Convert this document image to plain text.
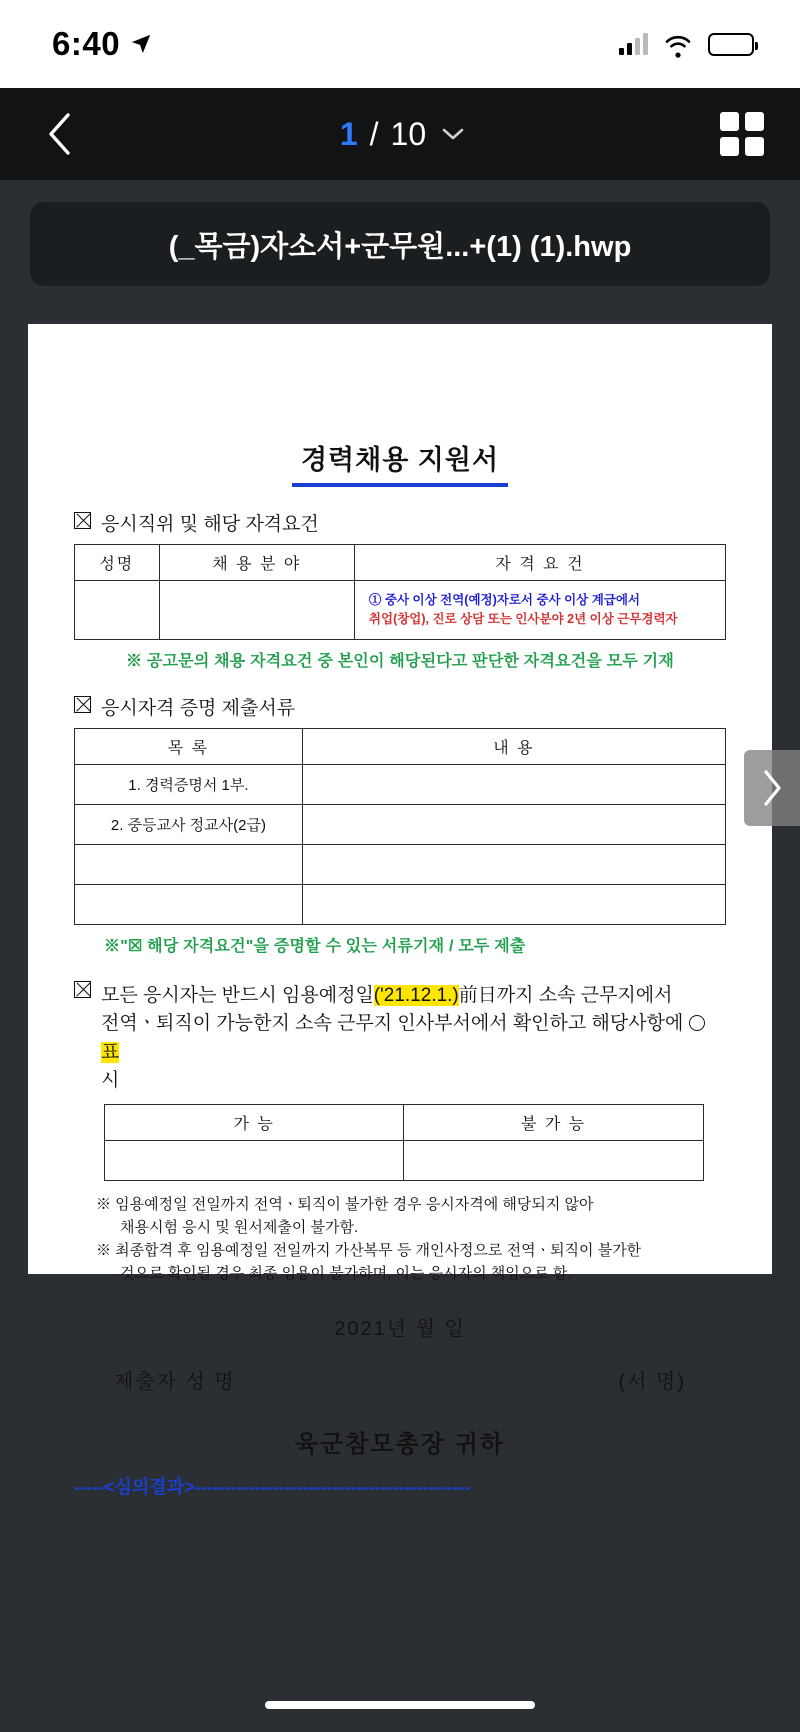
6:40
1 / 10
(_목금)자소서+군무원...+(1) (1).hwp
경력채용 지원서
응시직위 및 해당 자격요건
성명	채 용 분 야	자 격 요 건

		① 중사 이상 전역(예정)자로서 중사 이상 계급에서
취업(창업), 진로 상담 또는 인사분야 2년 이상 근무경력자
※ 공고문의 채용 자격요건 중 본인이 해당된다고 판단한 자격요건을 모두 기재
응시자격 증명 제출서류
목 록	내 용
1. 경력증명서 1부.	
2. 중등교사 정교사(2급)	

※"☒ 해당 자격요건"을 증명할 수 있는 서류기재 / 모두 제출
모든 응시자는 반드시 임용예정일('21.12.1.)前日까지 소속 근무지에서
전역ㆍ퇴직이 가능한지 소속 근무지 인사부서에서 확인하고 해당사항에  표
시
가 능	불 가 능

※ 임용예정일 전일까지 전역ㆍ퇴직이 불가한 경우 응시자격에 해당되지 않아
채용시험 응시 및 원서제출이 불가함.
※ 최종합격 후 임용예정일 전일까지 가산복무 등 개인사정으로 전역ㆍ퇴직이 불가한
것으로 확인될 경우 최종 임용이 불가하며, 이는 응시자의 책임으로 함.
2021년 월 일
제출자 성 명	(서 명)
육군참모총장 귀하
-----<심의결과>----------------------------------------------
